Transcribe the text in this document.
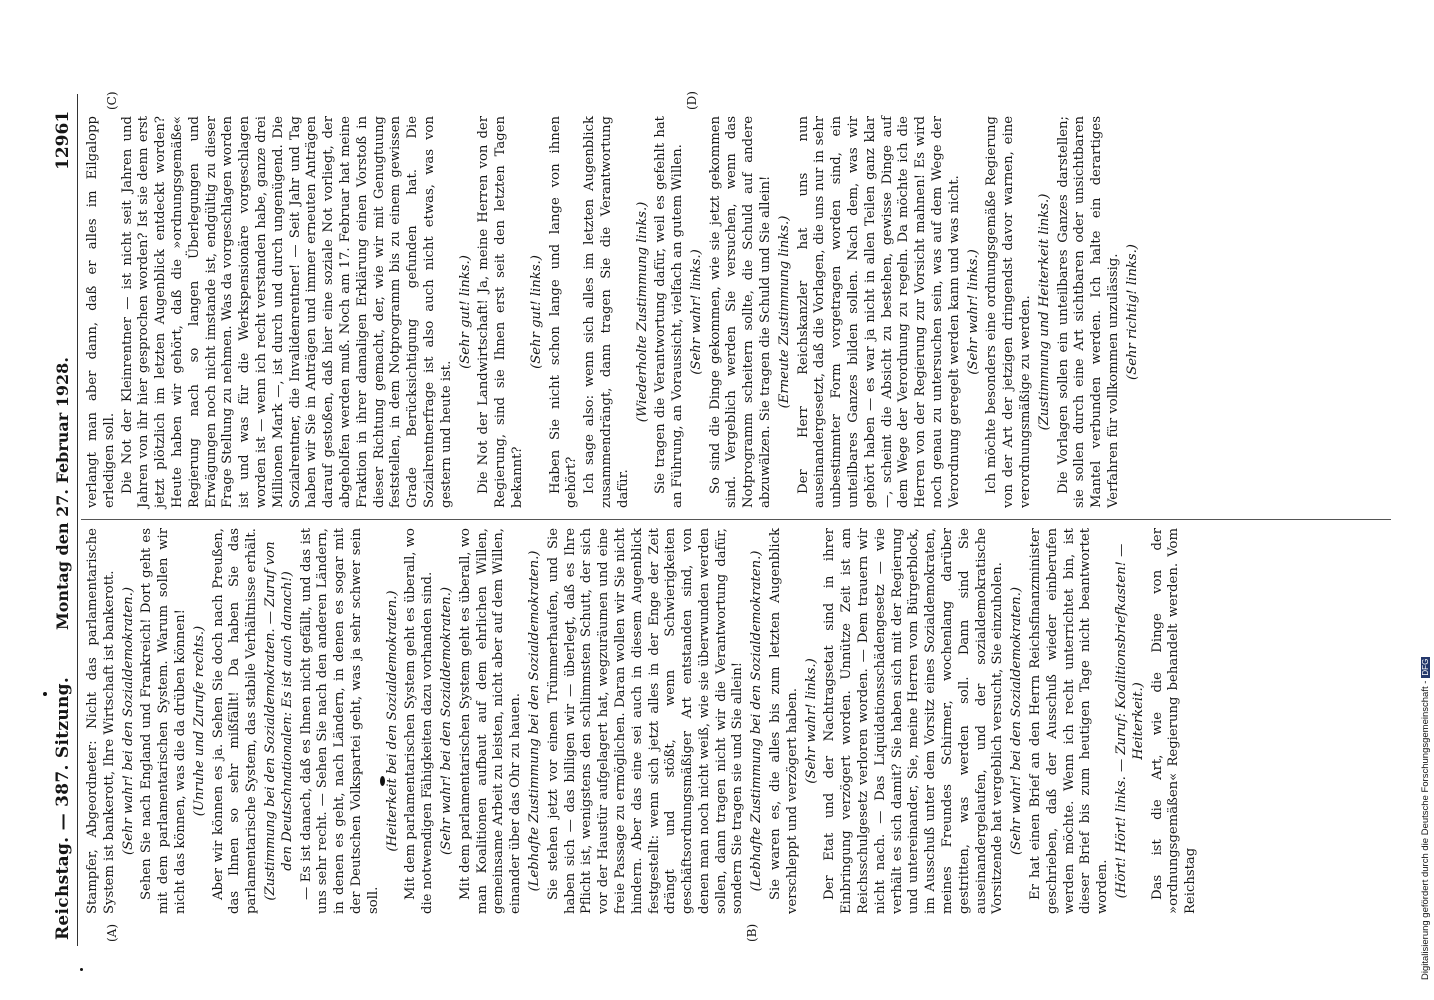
Reichstag. — 387. Sitzung.
Montag den 27. Februar 1928.
12961
(A)	(B)
(C)	(D)

Stampfer, Abgeordneter: Nicht das parlamentarische System ist bankerott, Ihre Wirtschaft ist bankerott. (Sehr wahr! bei den Sozialdemokraten.) Sehen Sie nach England und Frankreich! Dort geht es mit dem parlamentarischen System. Warum sollen wir nicht das können, was die da drüben können! (Unruhe und Zurufe rechts.) Aber wir können es ja. Sehen Sie doch nach Preußen, das Ihnen so sehr mißfällt! Da haben Sie das parlamentarische System, das stabile Verhältnisse erhält. (Zustimmung bei den Sozialdemokraten. — Zuruf von den Deutschnationalen: Es ist auch danach!) — Es ist danach, daß es Ihnen nicht gefällt, und das ist uns sehr recht. — Sehen Sie nach den anderen Ländern, in denen es geht, nach Ländern, in denen es sogar mit der Deutschen Volkspartei geht, was ja sehr schwer sein soll.

(Heiterkeit bei den Sozialdemokraten.) Mit dem parlamentarischen System geht es überall, wo die notwendigen Fähigkeiten dazu vorhanden sind. (Sehr wahr! bei den Sozialdemokraten.) Mit dem parlamentarischen System geht es überall, wo man Koalitionen aufbaut auf dem ehrlichen Willen, gemeinsame Arbeit zu leisten, nicht aber auf dem Willen, einander über das Ohr zu hauen. (Lebhafte Zustimmung bei den Sozialdemokraten.) Sie stehen jetzt vor einem Trümmerhaufen, und Sie haben sich — das billigen wir — überlegt, daß es Ihre Pflicht ist, wenigstens den schlimmsten Schutt, der sich vor der Haustür aufgelagert hat, wegzuräumen und eine freie Passage zu ermöglichen. Daran wollen wir Sie nicht hindern. Aber das eine sei auch in diesem Augenblick festgestellt: wenn sich jetzt alles in der Enge der Zeit drängt und stößt, wenn Schwierigkeiten geschäftsordnungsmäßiger Art entstanden sind, von denen man noch nicht weiß, wie sie überwunden werden sollen, dann tragen nicht wir die Verantwortung dafür, sondern Sie tragen sie und Sie allein! (Lebhafte Zustimmung bei den Sozialdemokraten.) Sie waren es, die alles bis zum letzten Augenblick verschleppt und verzögert haben. (Sehr wahr! links.) Der Etat und der Nachtragsetat sind in ihrer Einbringung verzögert worden. Unnütze Zeit ist am Reichsschulgesetz verloren worden. — Dem trauern wir nicht nach. — Das Liquidationsschädengesetz — wie verhält es sich damit? Sie haben sich mit der Regierung und untereinander, Sie, meine Herren vom Bürgerblock, im Ausschuß unter dem Vorsitz eines Sozialdemokraten, meines Freundes Schirmer, wochenlang darüber gestritten, was werden soll. Dann sind Sie auseinandergelaufen, und der sozialdemokratische Vorsitzende hat vergeblich versucht, Sie einzuholen. (Sehr wahr! bei den Sozialdemokraten.) Er hat einen Brief an den Herrn Reichsfinanzminister geschrieben, daß der Ausschuß wieder einberufen werden möchte. Wenn ich recht unterrichtet bin, ist dieser Brief bis zum heutigen Tage nicht beantwortet worden. (Hört! Hört! links. — Zuruf: Koalitionsbriefkasten! — Heiterkeit.) Das ist die Art, wie die Dinge von der »ordnungsgemäßen« Regierung behandelt werden. Vom Reichstag

verlangt man aber dann, daß er alles im Eilgalopp erledigen soll. Die Not der Kleinrentner — ist nicht seit Jahren und Jahren von ihr hier gesprochen worden? Ist sie denn erst jetzt plötzlich im letzten Augenblick entdeckt worden? Heute haben wir gehört, daß die »ordnungsgemäße« Regierung nach so langen Überlegungen und Erwägungen noch nicht imstande ist, endgültig zu dieser Frage Stellung zu nehmen. Was da vorgeschlagen worden ist und was für die Werkspensionäre vorgeschlagen worden ist — wenn ich recht verstanden habe, ganze drei Millionen Mark —, ist durch und durch ungenügend. Die Sozialrentner, die Invalidenrentner! — Seit Jahr und Tag haben wir Sie in Anträgen und immer erneuten Anträgen darauf gestoßen, daß hier eine soziale Not vorliegt, der abgeholfen werden muß. Noch am 17. Februar hat meine Fraktion in ihrer damaligen Erklärung einen Vorstoß in dieser Richtung gemacht, der, wie wir mit Genugtuung feststellen, in dem Notprogramm bis zu einem gewissen Grade Berücksichtigung gefunden hat. Die Sozialrentnerfrage ist also auch nicht etwas, was von gestern und heute ist.

(Sehr gut! links.) Die Not der Landwirtschaft! Ja, meine Herren von der Regierung, sind sie Ihnen erst seit den letzten Tagen bekannt?

(Sehr gut! links.) Haben Sie nicht schon lange und lange von ihnen gehört? Ich sage also: wenn sich alles im letzten Augenblick zusammendrängt, dann tragen Sie die Verantwortung dafür.

(Wiederholte Zustimmung links.) Sie tragen die Verantwortung dafür, weil es gefehlt hat an Führung, an Voraussicht, vielfach an gutem Willen. (Sehr wahr! links.) So sind die Dinge gekommen, wie sie jetzt gekommen sind. Vergeblich werden Sie versuchen, wenn das Notprogramm scheitern sollte, die Schuld auf andere abzuwälzen. Sie tragen die Schuld und Sie allein! (Erneute Zustimmung links.) Der Herr Reichskanzler hat uns nun auseinandergesetzt, daß die Vorlagen, die uns nur in sehr unbestimmter Form vorgetragen worden sind, ein unteilbares Ganzes bilden sollen. Nach dem, was wir gehört haben — es war ja nicht in allen Teilen ganz klar —, scheint die Absicht zu bestehen, gewisse Dinge auf dem Wege der Verordnung zu regeln. Da möchte ich die Herren von der Regierung zur Vorsicht mahnen! Es wird noch genau zu untersuchen sein, was auf dem Wege der Verordnung geregelt werden kann und was nicht. (Sehr wahr! links.) Ich möchte besonders eine ordnungsgemäße Regierung von der Art der jetzigen dringendst davor warnen, eine verordnungsmäßige zu werden. (Zustimmung und Heiterkeit links.) Die Vorlagen sollen ein unteilbares Ganzes darstellen; sie sollen durch eine Art sichtbaren oder unsichtbaren Mantel verbunden werden. Ich halte ein derartiges Verfahren für vollkommen unzulässig. (Sehr richtig! links.)

Digitalisierung gefördert durch die Deutsche Forschungsgemeinschaft -DFG
